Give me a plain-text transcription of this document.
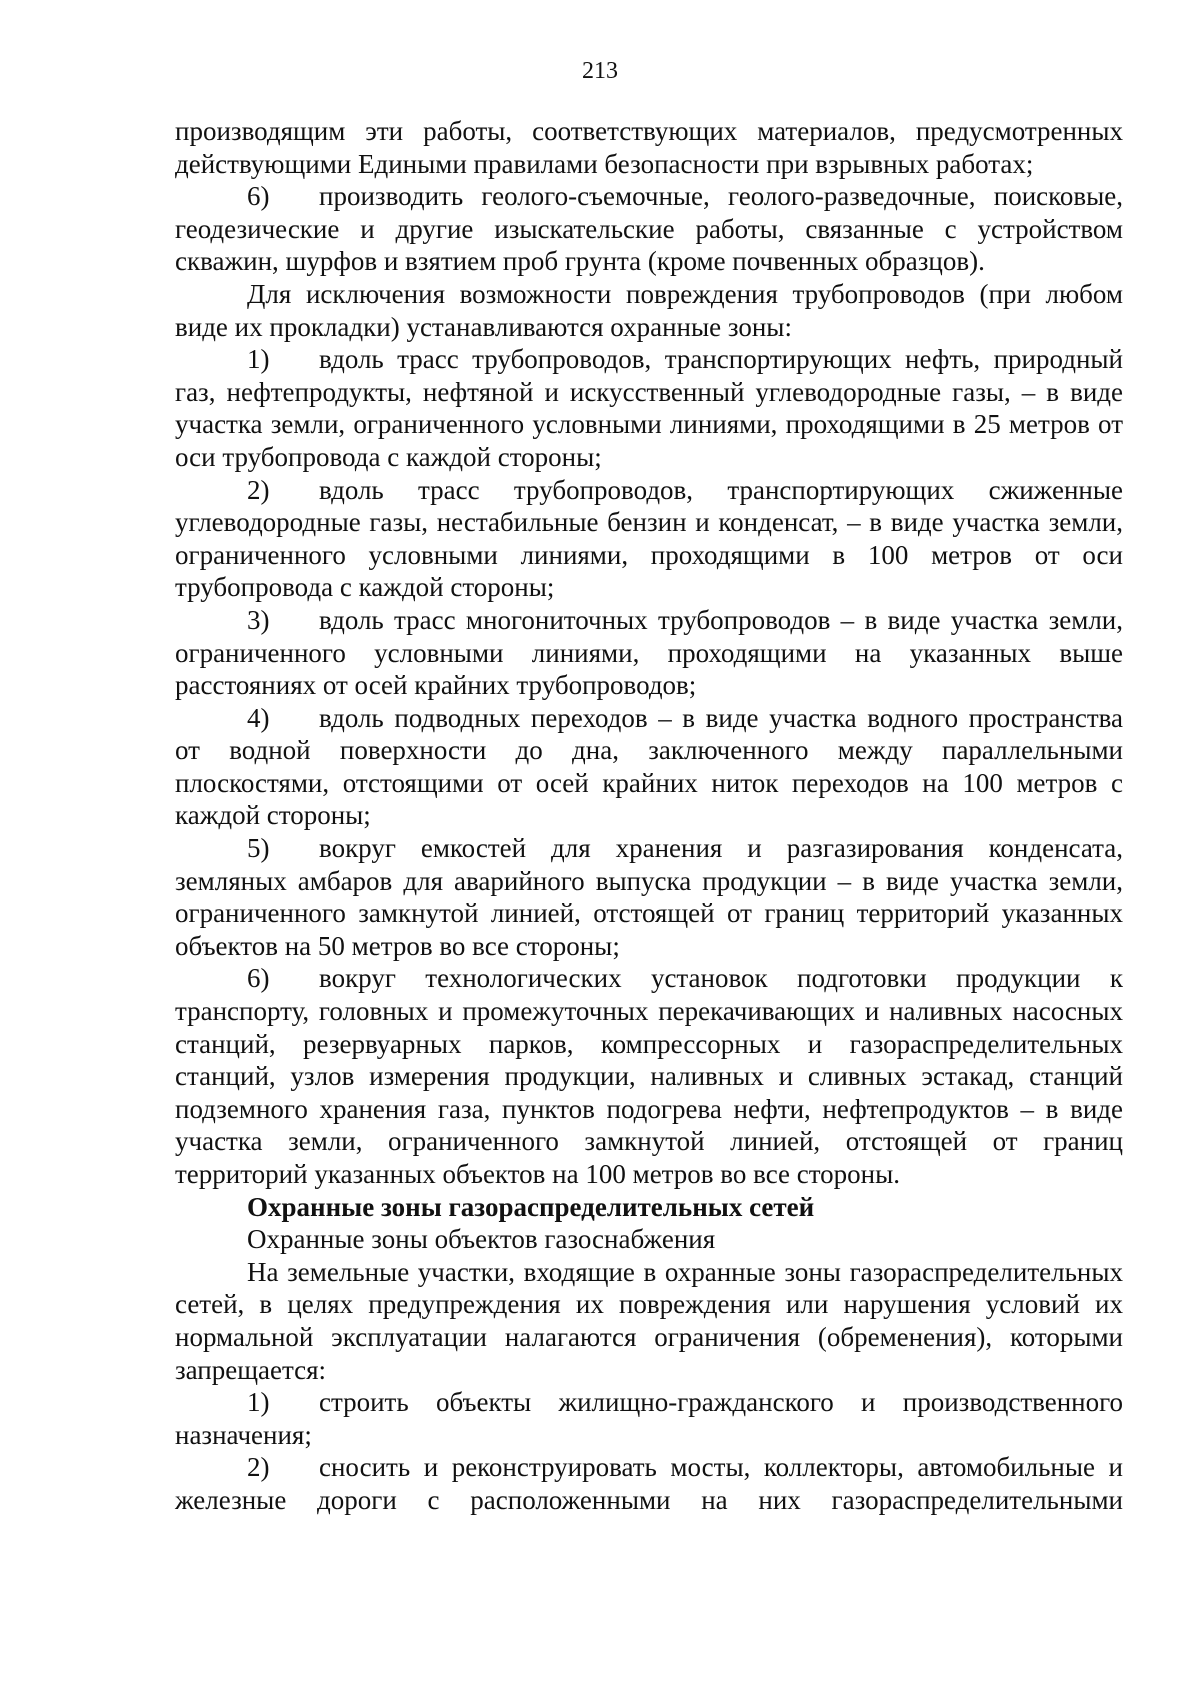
213

производящим эти работы, соответствующих материалов, предусмотренных действующими Едиными правилами безопасности при взрывных работах;

6) производить геолого-съемочные, геолого-разведочные, поисковые, геодезические и другие изыскательские работы, связанные с устройством скважин, шурфов и взятием проб грунта (кроме почвенных образцов).

Для исключения возможности повреждения трубопроводов (при любом виде их прокладки) устанавливаются охранные зоны:

1) вдоль трасс трубопроводов, транспортирующих нефть, природный газ, нефтепродукты, нефтяной и искусственный углеводородные газы, – в виде участка земли, ограниченного условными линиями, проходящими в 25 метров от оси трубопровода с каждой стороны;

2) вдоль трасс трубопроводов, транспортирующих сжиженные углеводородные газы, нестабильные бензин и конденсат, – в виде участка земли, ограниченного условными линиями, проходящими в 100 метров от оси трубопровода с каждой стороны;

3) вдоль трасс многониточных трубопроводов – в виде участка земли, ограниченного условными линиями, проходящими на указанных выше расстояниях от осей крайних трубопроводов;

4) вдоль подводных переходов – в виде участка водного пространства от водной поверхности до дна, заключенного между параллельными плоскостями, отстоящими от осей крайних ниток переходов на 100 метров с каждой стороны;

5) вокруг емкостей для хранения и разгазирования конденсата, земляных амбаров для аварийного выпуска продукции – в виде участка земли, ограниченного замкнутой линией, отстоящей от границ территорий указанных объектов на 50 метров во все стороны;

6) вокруг технологических установок подготовки продукции к транспорту, головных и промежуточных перекачивающих и наливных насосных станций, резервуарных парков, компрессорных и газораспределительных станций, узлов измерения продукции, наливных и сливных эстакад, станций подземного хранения газа, пунктов подогрева нефти, нефтепродуктов – в виде участка земли, ограниченного замкнутой линией, отстоящей от границ территорий указанных объектов на 100 метров во все стороны.

Охранные зоны газораспределительных сетей

Охранные зоны объектов газоснабжения

На земельные участки, входящие в охранные зоны газораспределительных сетей, в целях предупреждения их повреждения или нарушения условий их нормальной эксплуатации налагаются ограничения (обременения), которыми запрещается:

1) строить объекты жилищно-гражданского и производственного назначения;

2) сносить и реконструировать мосты, коллекторы, автомобильные и железные дороги с расположенными на них газораспределительными
